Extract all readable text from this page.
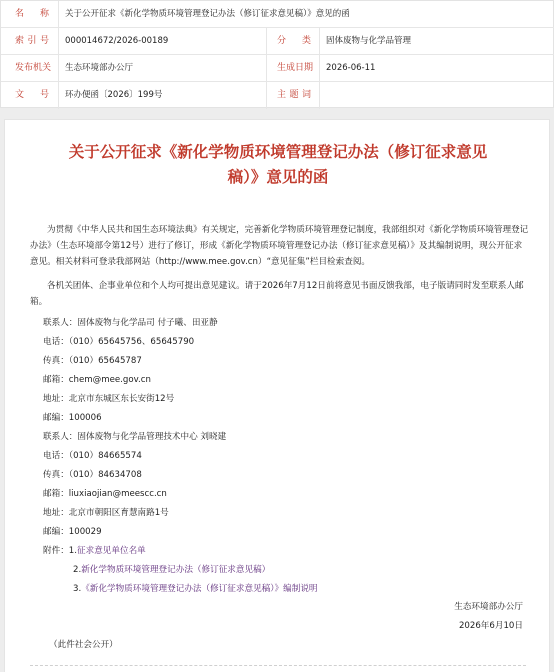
名 称 关于公开征求《新化学物质环境管理登记办法（修订征求意见稿）》意见的函
索 引 号 000014672/2026-00189	分 类 固体废物与化学品管理
发 布 机 关 生态环境部办公厅	生 成 日 期 2026-06-11
文 号 环办便函〔2026〕199号	主 题 词
关于公开征求《新化学物质环境管理登记办法（修订征求意见
稿）》意见的函
为贯彻《中华人民共和国生态环境法典》有关规定，完善新化学物质环境管理登记制度，我部组织对《新化学物质环境管理登记办法》（生态环境部令第12号）进行了修订，形成《新化学物质环境管理登记办法（修订征求意见稿）》及其编制说明，现公开征求意见。相关材料可登录我部网站（http://www.mee.gov.cn）“意见征集”栏目检索查阅。
各机关团体、企事业单位和个人均可提出意见建议。请于2026年7月12日前将意见书面反馈我部，电子版请同时发至联系人邮箱。
联系人：固体废物与化学品司 付子曦、田亚静
电话：（010）65645756、65645790
传真：（010）65645787
邮箱：chem@mee.gov.cn
地址：北京市东城区东长安街12号
邮编：100006
联系人：固体废物与化学品管理技术中心 刘晓建
电话：（010）84665574
传真：（010）84634708
邮箱：liuxiaojian@meescc.cn
地址：北京市朝阳区育慧南路1号
邮编：100029
附件：1.征求意见单位名单
2.新化学物质环境管理登记办法（修订征求意见稿）
3.《新化学物质环境管理登记办法（修订征求意见稿）》编制说明
生态环境部办公厅
2026年6月10日
（此件社会公开）
